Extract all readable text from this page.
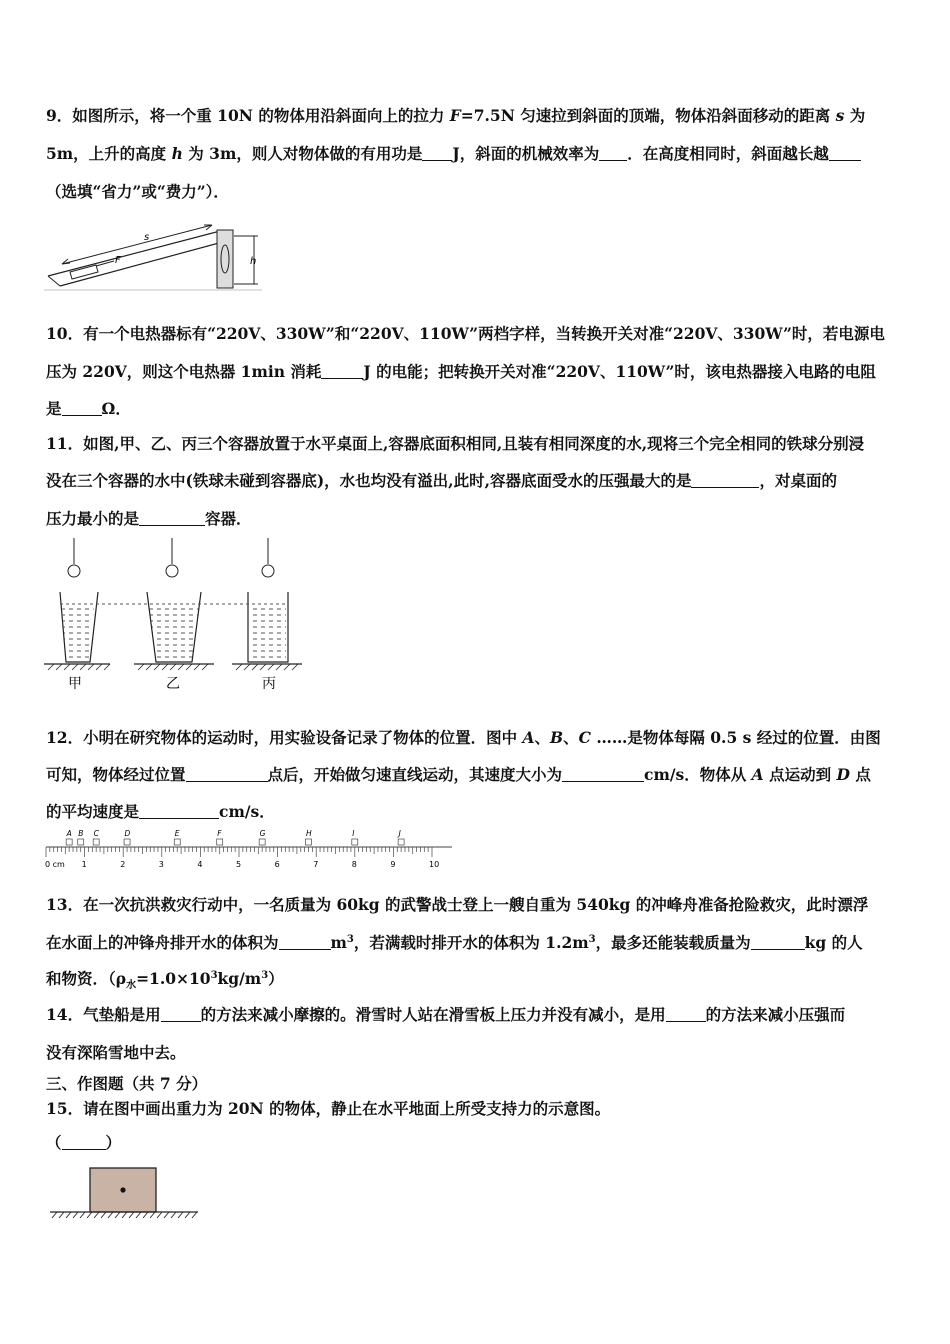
9．如图所示，将一个重 10N 的物体用沿斜面向上的拉力 F=7.5N 匀速拉到斜面的顶端，物体沿斜面移动的距离 s 为
5m，上升的高度 h 为 3m，则人对物体做的有用功是 J，斜面的机械效率为 ．在高度相同时，斜面越长越
（选填“省力”或“费力”）．
s
F	h
10．有一个电热器标有“220V、330W”和“220V、110W”两档字样，当转换开关对准“220V、330W”时，若电源电
压为 220V，则这个电热器 1min 消耗	J 的电能；把转换开关对准“220V、110W”时，该电热器接入电路的电阻
是	Ω．
11．如图,甲、乙、丙三个容器放置于水平桌面上,容器底面积相同,且装有相同深度的水,现将三个完全相同的铁球分别浸
没在三个容器的水中(铁球未碰到容器底)，水也均没有溢出,此时,容器底面受水的压强最大的是	，对桌面的
压力最小的是	容器．
甲	乙	丙
12．小明在研究物体的运动时，用实验设备记录了物体的位置．图中 A、B、C ……是物体每隔 0.5 s 经过的位置．由图
可知，物体经过位置	点后，开始做匀速直线运动，其速度大小为	cm/s．物体从 A 点运动到 D 点
的平均速度是	cm/s．
0 cm 1	2	3	4	5	6	7	8	9	10
A B C	D	E	F	G	H	I	J
13．在一次抗洪救灾行动中，一名质量为 60kg 的武警战士登上一艘自重为 540kg 的冲峰舟准备抢险救灾，此时漂浮
在水面上的冲锋舟排开水的体积为	$m^3$，若满载时排开水的体积为 $1.2m^3$，最多还能装载质量为	kg 的人
和物资．$(\rho_水=1.0\times 10^3kg/m^3)$
14．气垫船是用	的方法来减小摩擦的。滑雪时人站在滑雪板上压力并没有减小，是用	的方法来减小压强而
没有深陷雪地中去。
三、作图题（共 7 分）
15．请在图中画出重力为 20N 的物体，静止在水平地面上所受支持力的示意图。
（	）
